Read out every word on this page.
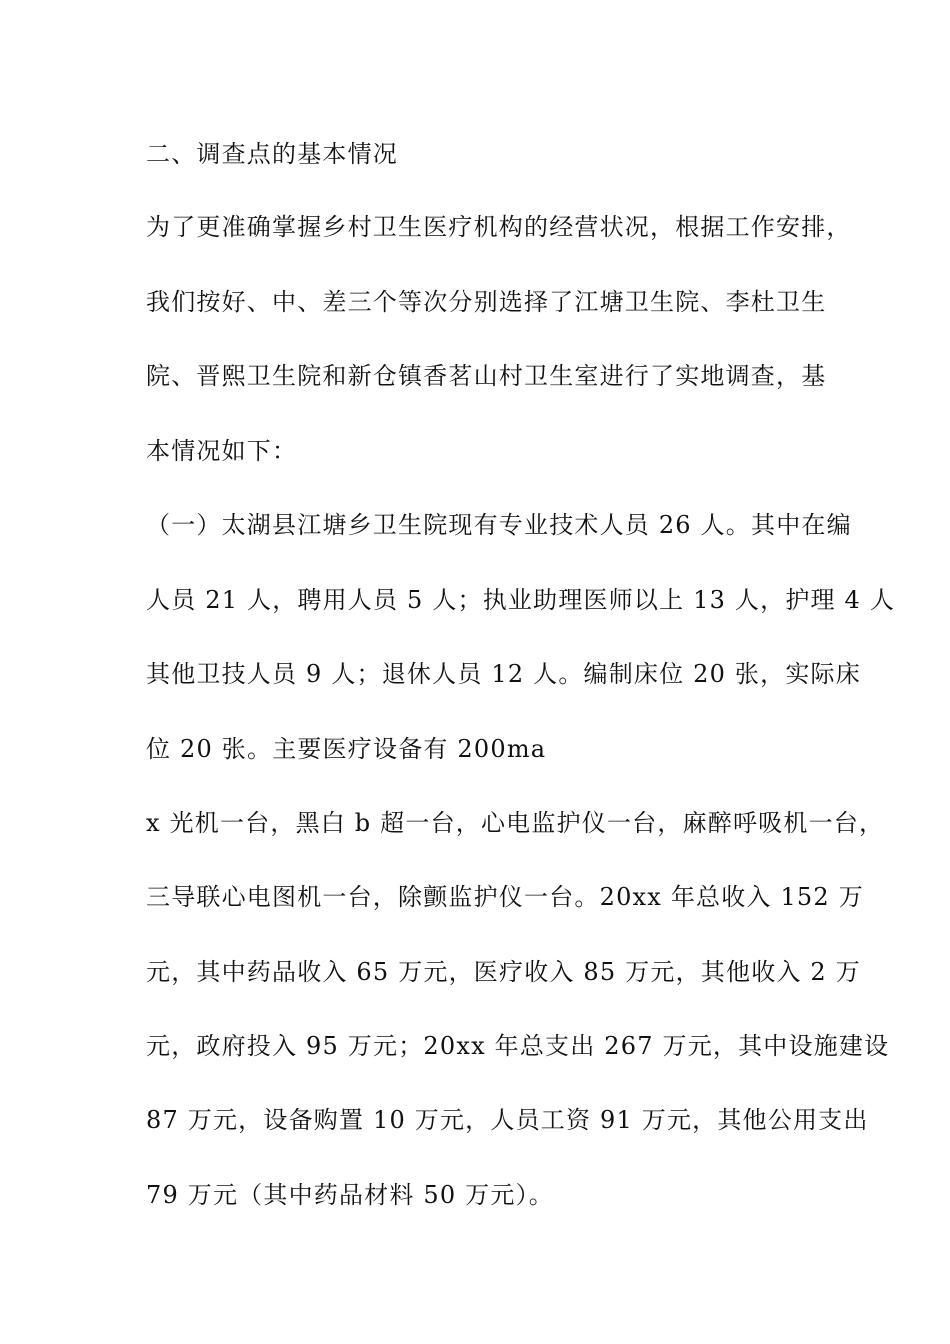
二、调查点的基本情况
为了更准确掌握乡村卫生医疗机构的经营状况，根据工作安排，
我们按好、中、差三个等次分别选择了江塘卫生院、李杜卫生
院、晋熙卫生院和新仓镇香茗山村卫生室进行了实地调查，基
本情况如下：
（一）太湖县江塘乡卫生院现有专业技术人员 26 人。其中在编
人员 21 人，聘用人员 5 人；执业助理医师以上 13 人，护理 4 人
其他卫技人员 9 人；退休人员 12 人。编制床位 20 张，实际床
位 20 张。主要医疗设备有 200ma
x 光机一台，黑白 b 超一台，心电监护仪一台，麻醉呼吸机一台，
三导联心电图机一台，除颤监护仪一台。20xx 年总收入 152 万
元，其中药品收入 65 万元，医疗收入 85 万元，其他收入 2 万
元，政府投入 95 万元；20xx 年总支出 267 万元，其中设施建设
87 万元，设备购置 10 万元，人员工资 91 万元，其他公用支出
79 万元（其中药品材料 50 万元）。
